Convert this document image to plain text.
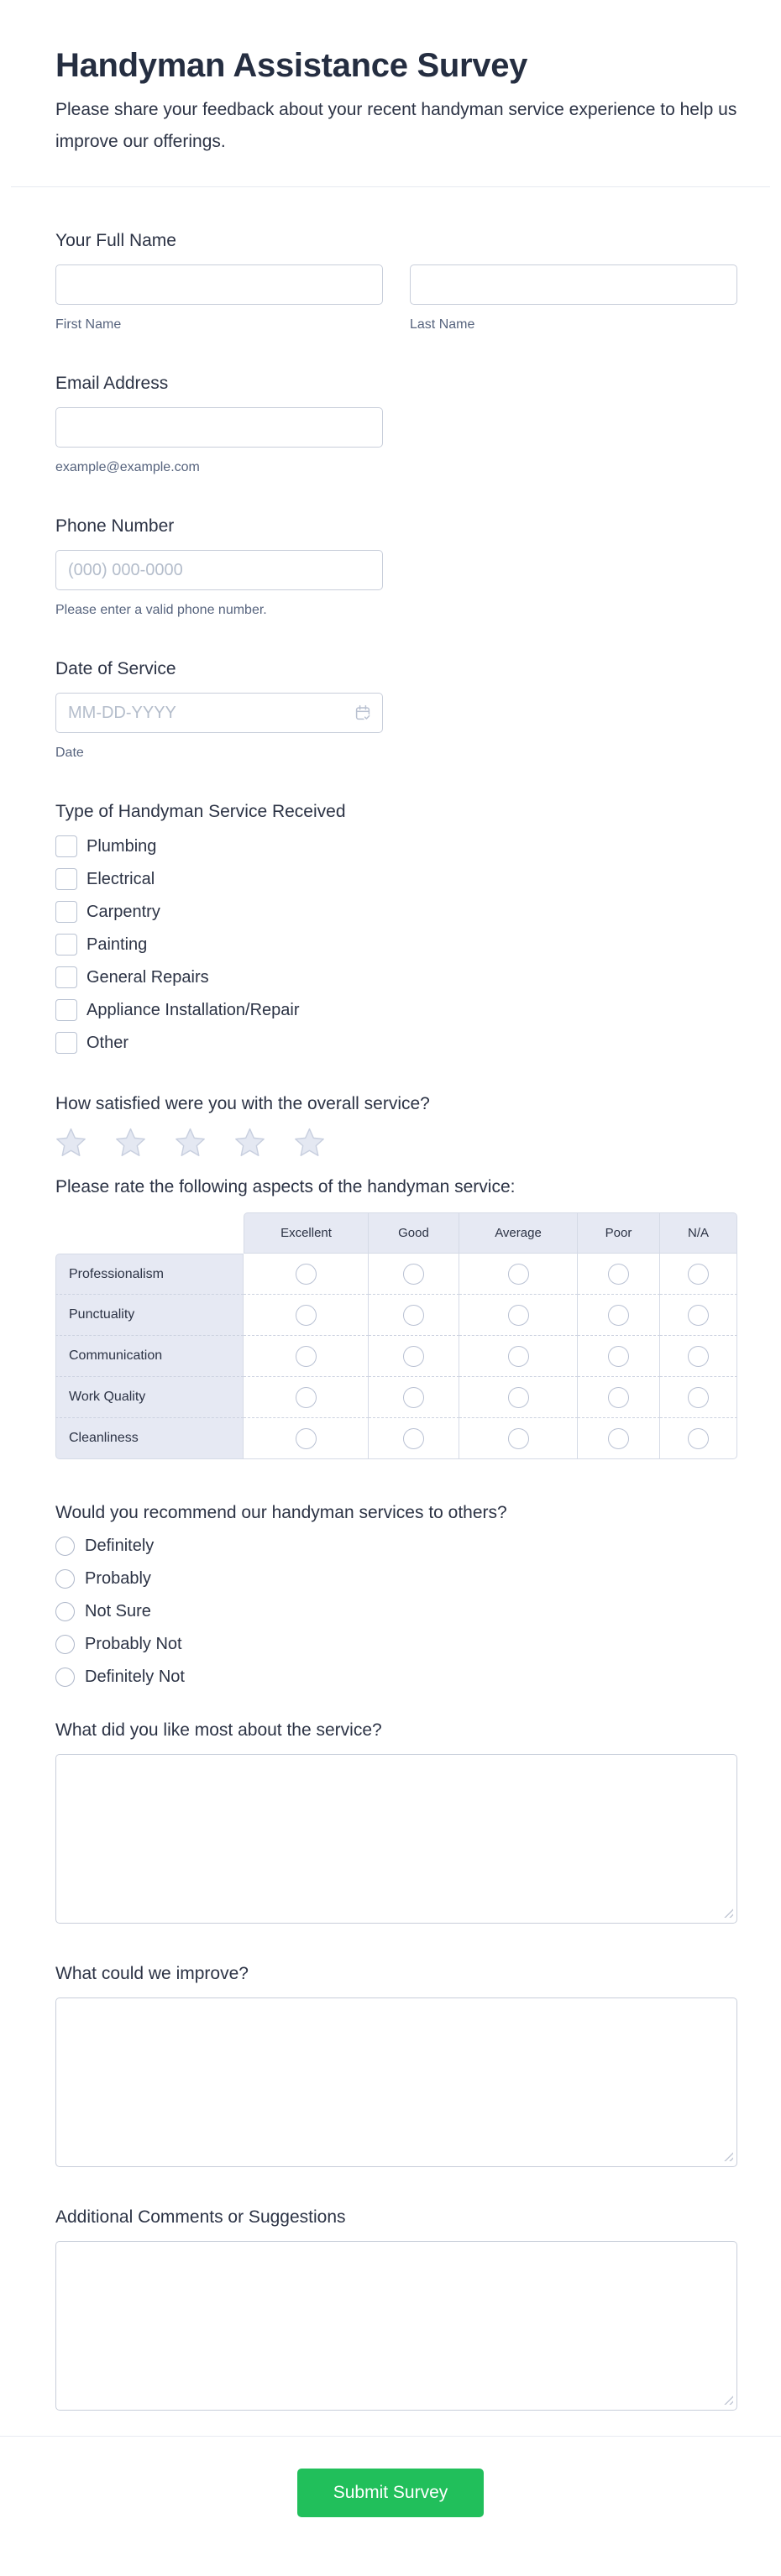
Handyman Assistance Survey

Please share your feedback about your recent handyman service experience to help us improve our offerings.

Your Full Name
First Name	Last Name
Email Address
example@example.com
Phone Number
(000) 000-0000
Please enter a valid phone number.
Date of Service
MM-DD-YYYY
Date
Type of Handyman Service Received
Plumbing
Electrical
Carpentry
Painting
General Repairs
Appliance Installation/Repair
Other
How satisfied were you with the overall service?
Please rate the following aspects of the handyman service:
Excellent	Good	Average	Poor	N/A
Professionalism
Punctuality
Communication
Work Quality
Cleanliness
Would you recommend our handyman services to others?
Definitely
Probably
Not Sure
Probably Not
Definitely Not
What did you like most about the service?
What could we improve?
Additional Comments or Suggestions
Submit Survey
